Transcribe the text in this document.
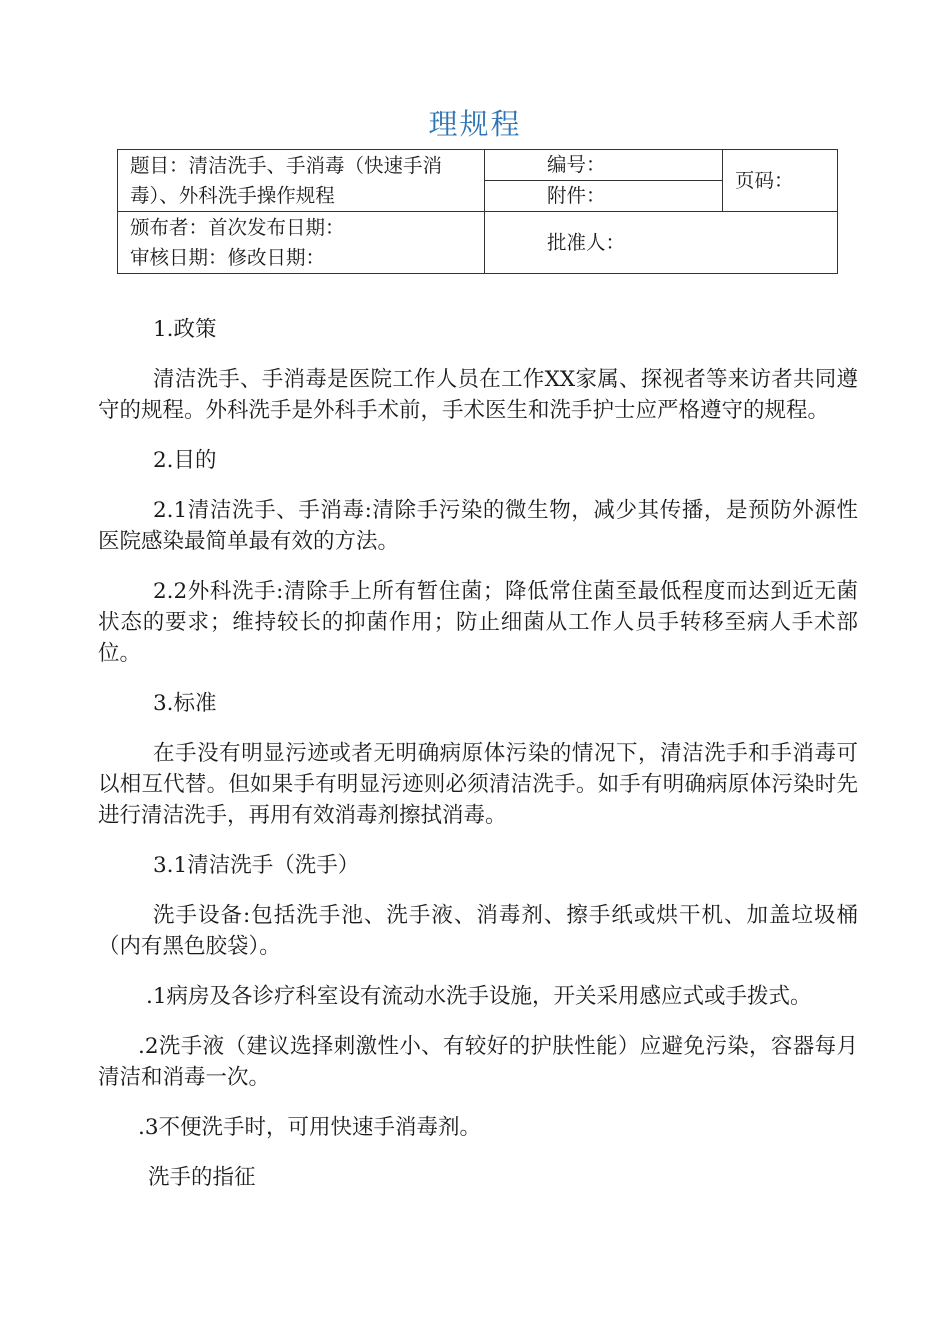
理规程
题目：清洁洗手、手消毒（快速手消毒）、外科洗手操作规程	编号：	页码：
	附件：	

颁布者：首次发布日期：
审核日期：修改日期：	批准人：	

1.政策

清洁洗手、手消毒是医院工作人员在工作XX家属、探视者等来访者共同遵守的规程。外科洗手是外科手术前，手术医生和洗手护士应严格遵守的规程。

2.目的

2.1清洁洗手、手消毒:清除手污染的微生物，减少其传播，是预防外源性医院感染最简单最有效的方法。

2.2外科洗手:清除手上所有暂住菌；降低常住菌至最低程度而达到近无菌状态的要求；维持较长的抑菌作用；防止细菌从工作人员手转移至病人手术部位。

3.标准

在手没有明显污迹或者无明确病原体污染的情况下，清洁洗手和手消毒可以相互代替。但如果手有明显污迹则必须清洁洗手。如手有明确病原体污染时先进行清洁洗手，再用有效消毒剂擦拭消毒。

3.1清洁洗手（洗手）

洗手设备:包括洗手池、洗手液、消毒剂、擦手纸或烘干机、加盖垃圾桶（内有黑色胶袋）。

.1病房及各诊疗科室设有流动水洗手设施，开关采用感应式或手拨式。

.2洗手液（建议选择刺激性小、有较好的护肤性能）应避免污染，容器每月清洁和消毒一次。

.3不便洗手时，可用快速手消毒剂。

洗手的指征
